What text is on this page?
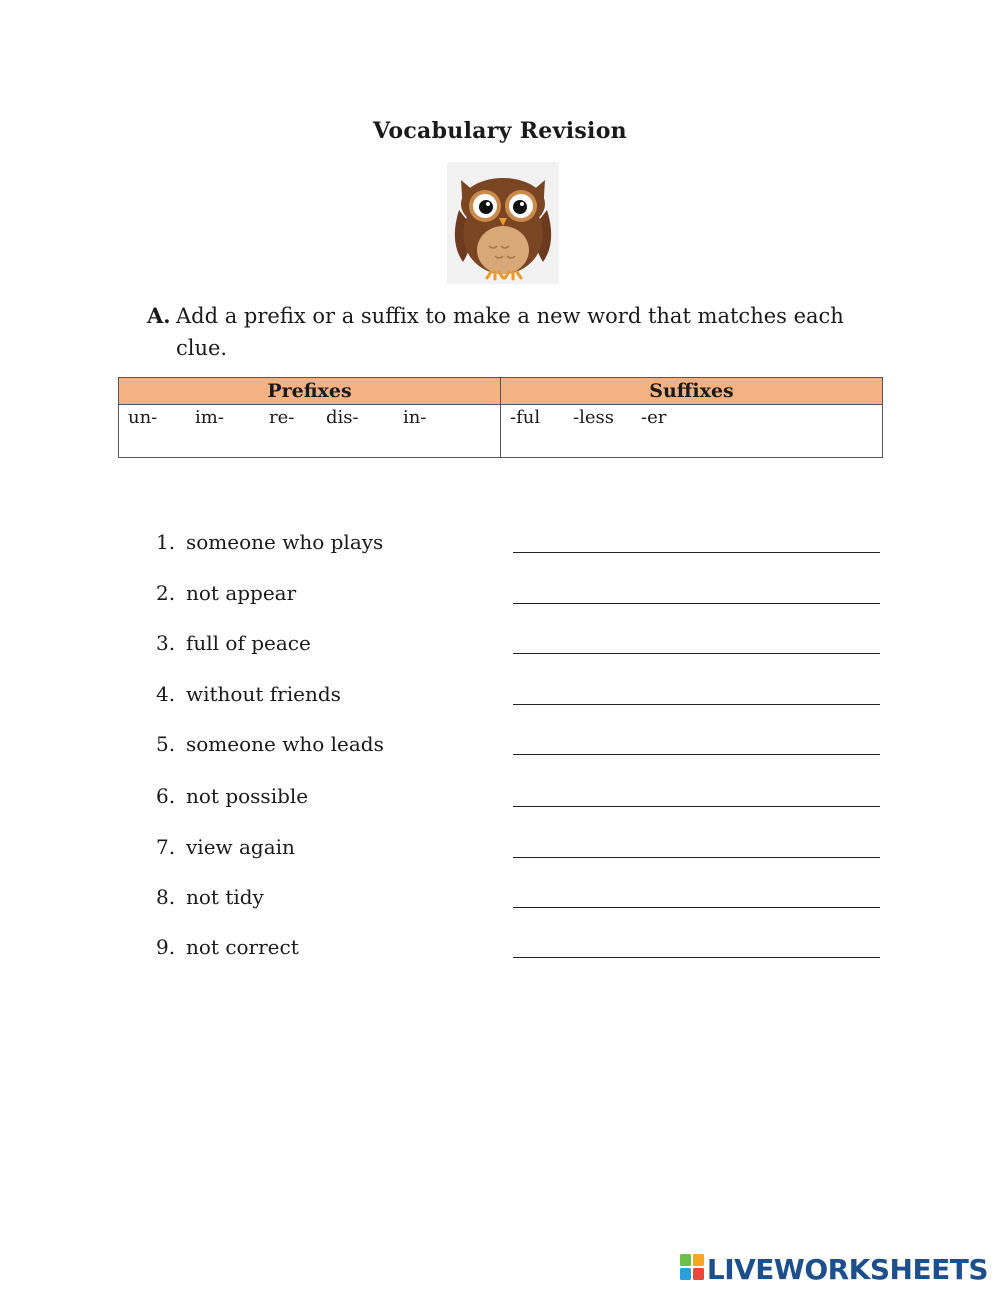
Vocabulary Revision
A. Add a prefix or a suffix to make a new word that matches each clue.
Prefixes	Suffixes
un- im- re- dis- in-	-ful -less -er
1. someone who plays
2. not appear
3. full of peace
4. without friends
5. someone who leads
6. not possible
7. view again
8. not tidy
9. not correct
LIVEWORKSHEETS
